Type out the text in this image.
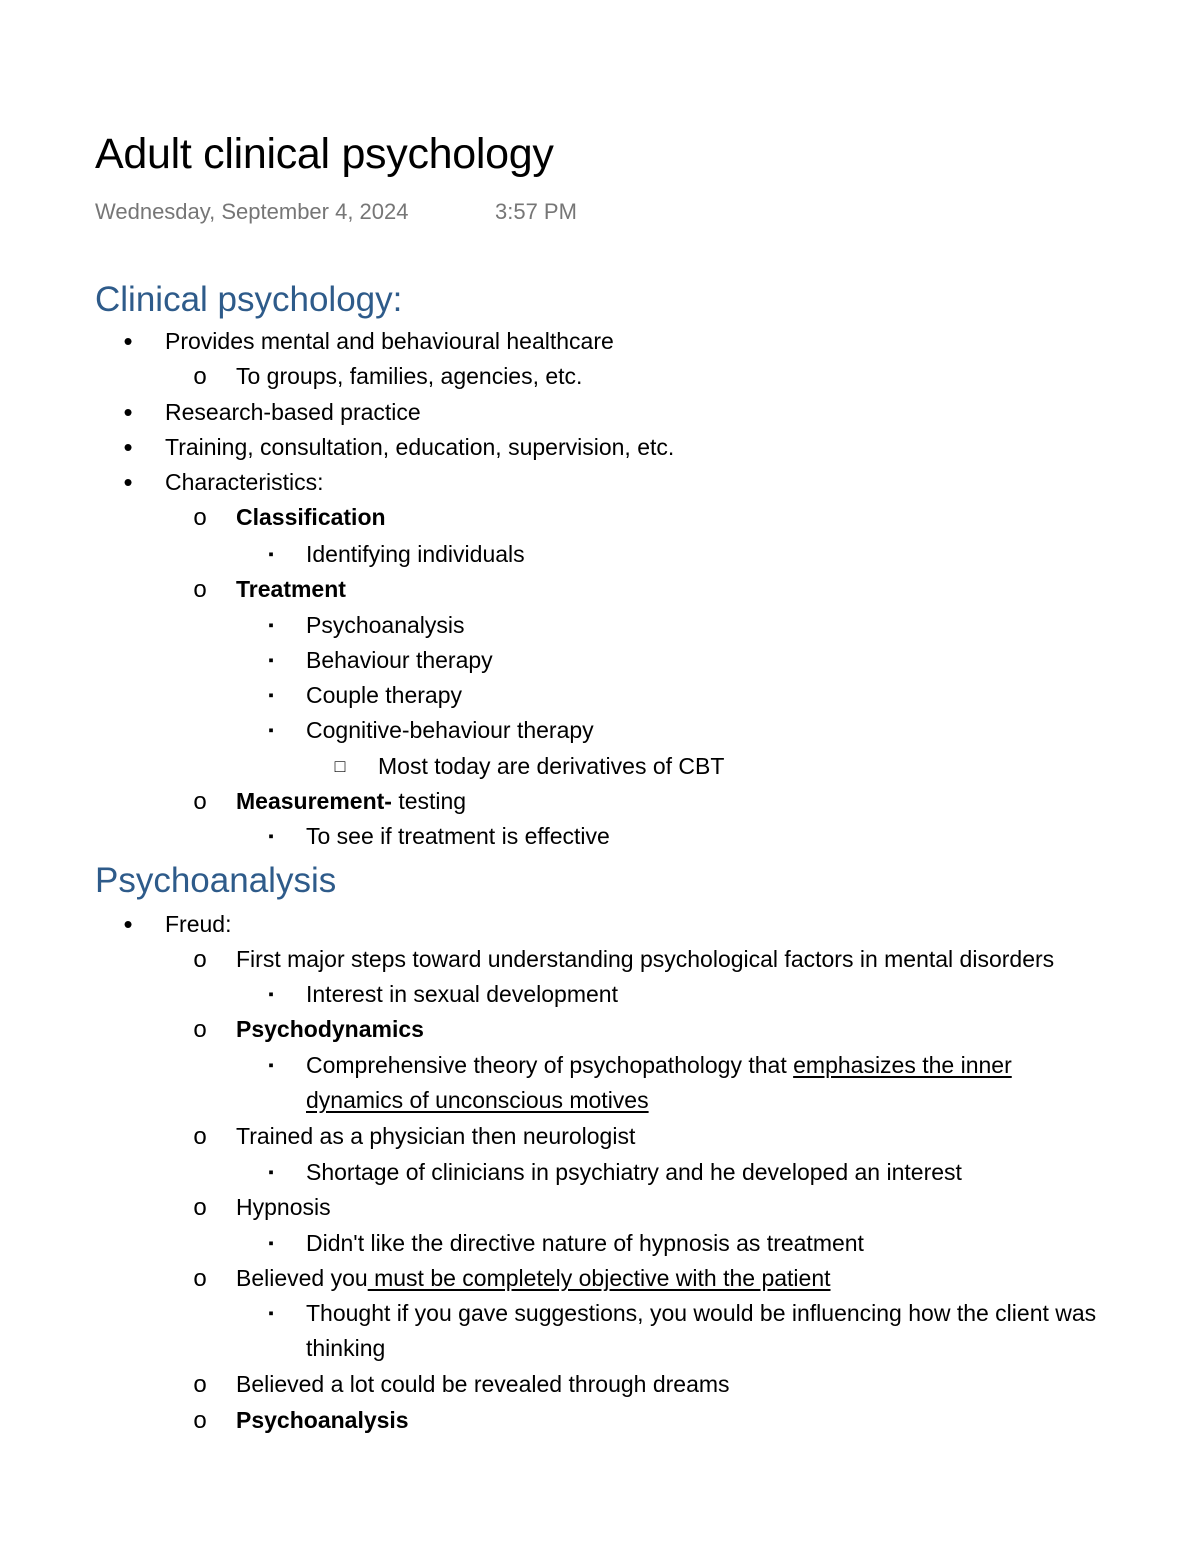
Adult clinical psychology
Wednesday, September 4, 2024	3:57 PM
Clinical psychology:
•	Provides mental and behavioural healthcare
o	To groups, families, agencies, etc.
•	Research-based practice
•	Training, consultation, education, supervision, etc.
•	Characteristics:
o	Classification
▪	Identifying individuals
o	Treatment
▪	Psychoanalysis
▪	Behaviour therapy
▪	Couple therapy
▪	Cognitive-behaviour therapy
□	Most today are derivatives of CBT
o	Measurement- testing
▪	To see if treatment is effective
Psychoanalysis
•	Freud:
o	First major steps toward understanding psychological factors in mental disorders
▪	Interest in sexual development
o	Psychodynamics
▪	Comprehensive theory of psychopathology that emphasizes the inner
dynamics of unconscious motives
o	Trained as a physician then neurologist
▪	Shortage of clinicians in psychiatry and he developed an interest
o	Hypnosis
▪	Didn't like the directive nature of hypnosis as treatment
o	Believed you must be completely objective with the patient
▪	Thought if you gave suggestions, you would be influencing how the client was
thinking
o	Believed a lot could be revealed through dreams
o	Psychoanalysis
